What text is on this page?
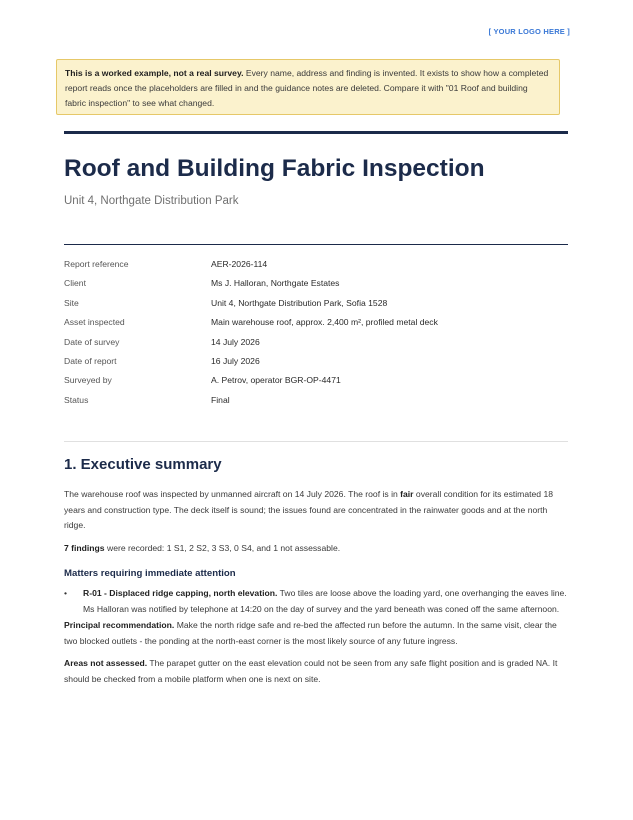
[ YOUR LOGO HERE ]
This is a worked example, not a real survey. Every name, address and finding is invented. It exists to show how a completed report reads once the placeholders are filled in and the guidance notes are deleted. Compare it with "01 Roof and building fabric inspection" to see what changed.
Roof and Building Fabric Inspection
Unit 4, Northgate Distribution Park
Report reference	AER-2026-114
Client	Ms J. Halloran, Northgate Estates
Site	Unit 4, Northgate Distribution Park, Sofia 1528
Asset inspected	Main warehouse roof, approx. 2,400 m², profiled metal deck
Date of survey	14 July 2026
Date of report	16 July 2026
Surveyed by	A. Petrov, operator BGR-OP-4471
Status	Final
1. Executive summary

The warehouse roof was inspected by unmanned aircraft on 14 July 2026. The roof is in fair overall condition for its estimated 18 years and construction type. The deck itself is sound; the issues found are concentrated in the rainwater goods and at the north ridge.

7 findings were recorded: 1 S1, 2 S2, 3 S3, 0 S4, and 1 not assessable.

Matters requiring immediate attention
• R-01 - Displaced ridge capping, north elevation. Two tiles are loose above the loading yard, one overhanging the eaves line. Ms Halloran was notified by telephone at 14:20 on the day of survey and the yard beneath was coned off the same afternoon.

Principal recommendation. Make the north ridge safe and re-bed the affected run before the autumn. In the same visit, clear the two blocked outlets - the ponding at the north-east corner is the most likely source of any future ingress.

Areas not assessed. The parapet gutter on the east elevation could not be seen from any safe flight position and is graded NA. It should be checked from a mobile platform when one is next on site.
